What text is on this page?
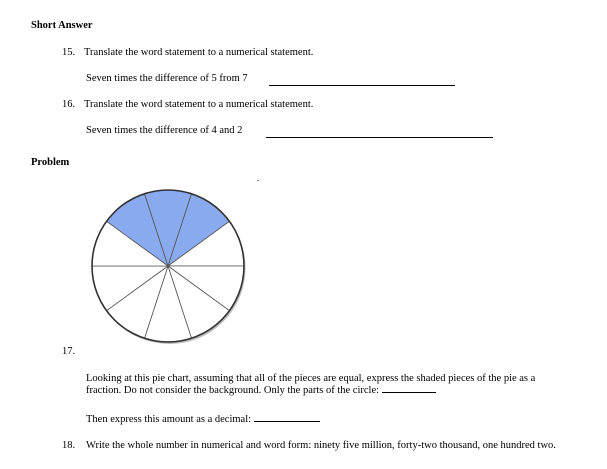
Short Answer
15. Translate the word statement to a numerical statement.
Seven times the difference of 5 from 7
16. Translate the word statement to a numerical statement.
Seven times the difference of 4 and 2
Problem
17.
Looking at this pie chart, assuming that all of the pieces are equal, express the shaded pieces of the pie as a fraction. Do not consider the background. Only the parts of the circle:
Then express this amount as a decimal:
18.	Write the whole number in numerical and word form: ninety five million, forty-two thousand, one hundred two.
